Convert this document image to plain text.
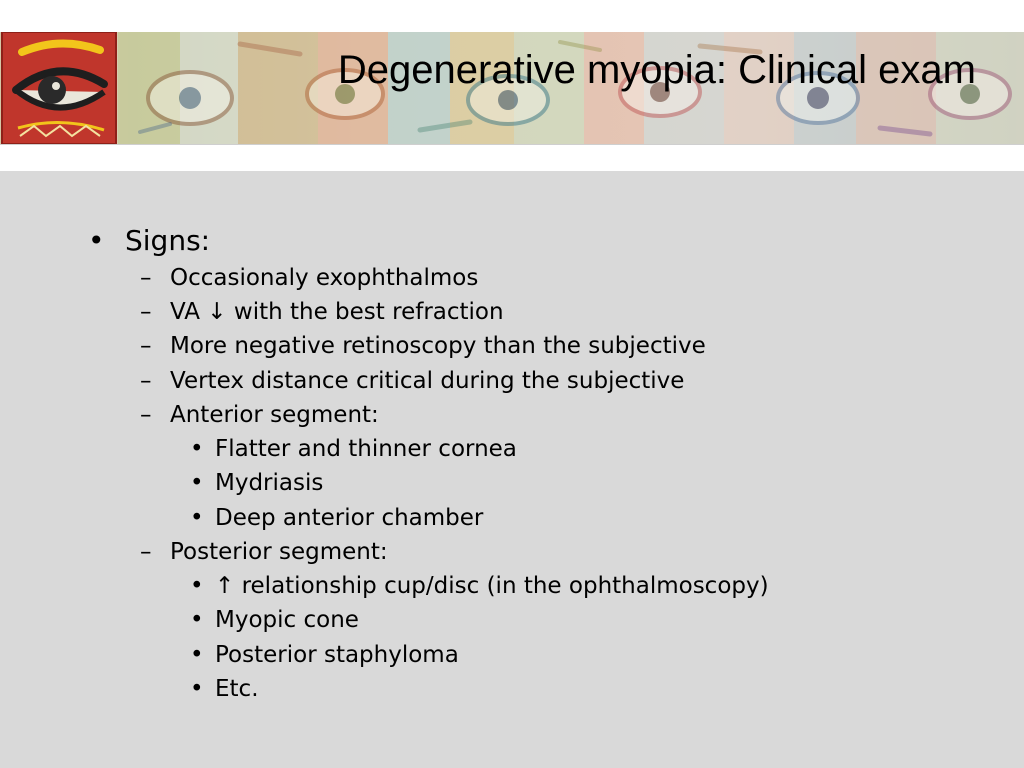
Degenerative myopia: Clinical exam
• Signs:
– Occasionaly exophthalmos
– VA ↓ with the best refraction
– More negative retinoscopy than the subjective
– Vertex distance critical during the subjective
– Anterior segment:
• Flatter and thinner cornea
• Mydriasis
• Deep anterior chamber
– Posterior segment:
• ↑ relationship cup/disc (in the ophthalmoscopy)
• Myopic cone
• Posterior staphyloma
• Etc.
